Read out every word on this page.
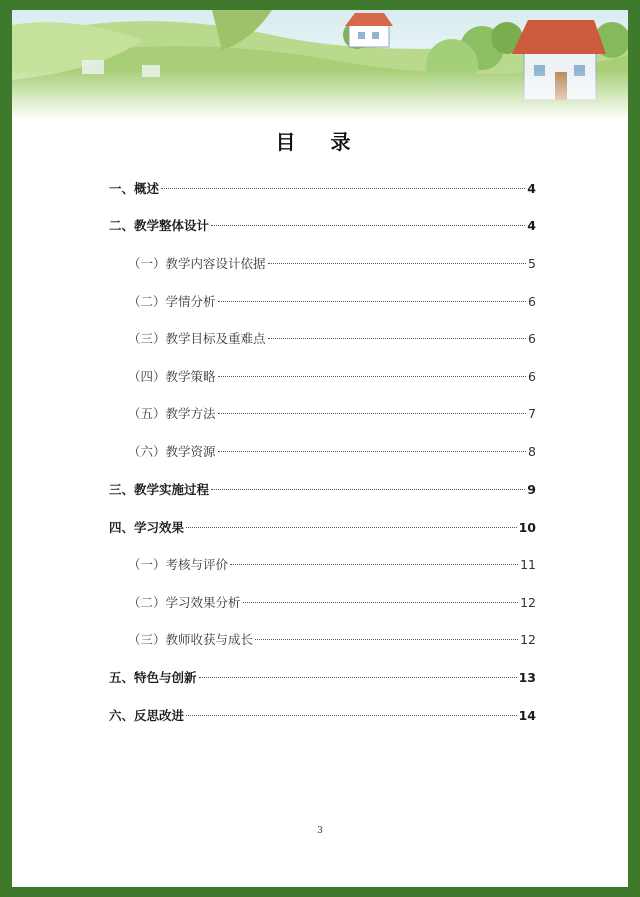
目 录
一、概述	4
二、教学整体设计	4
（一）教学内容设计依据	5
（二）学情分析	6
（三）教学目标及重难点	6
（四）教学策略	6
（五）教学方法	7
（六）教学资源	8
三、教学实施过程	9
四、学习效果	10
（一）考核与评价	11
（二）学习效果分析	12
（三）教师收获与成长	12
五、特色与创新	13
六、反思改进	14
3
